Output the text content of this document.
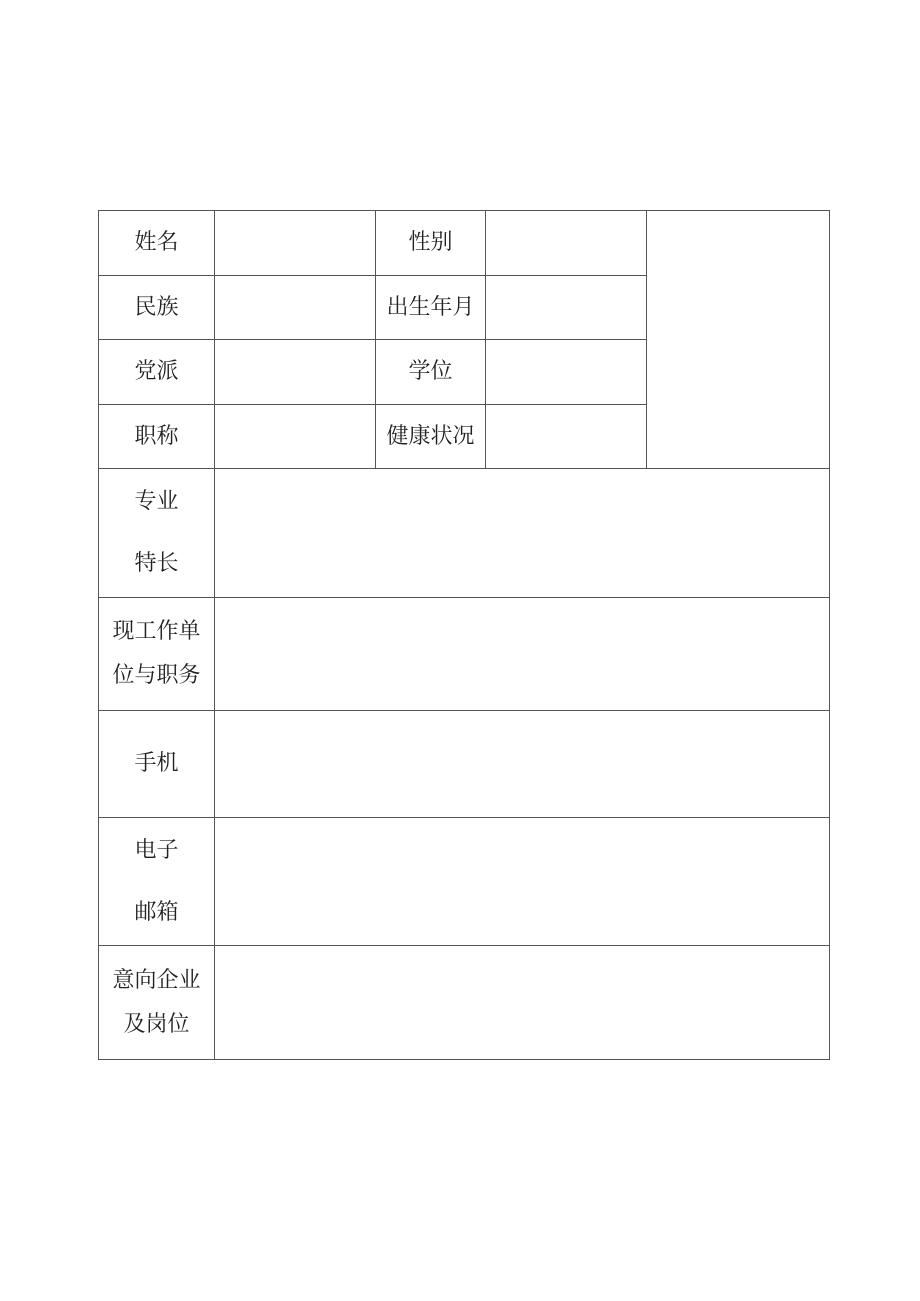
姓名		性别		
民族		出生年月		
党派		学位		
职称		健康状况		

专业
特长				

现工作单
位与职务				

手机				

电子
邮箱				

意向企业
及岗位				
